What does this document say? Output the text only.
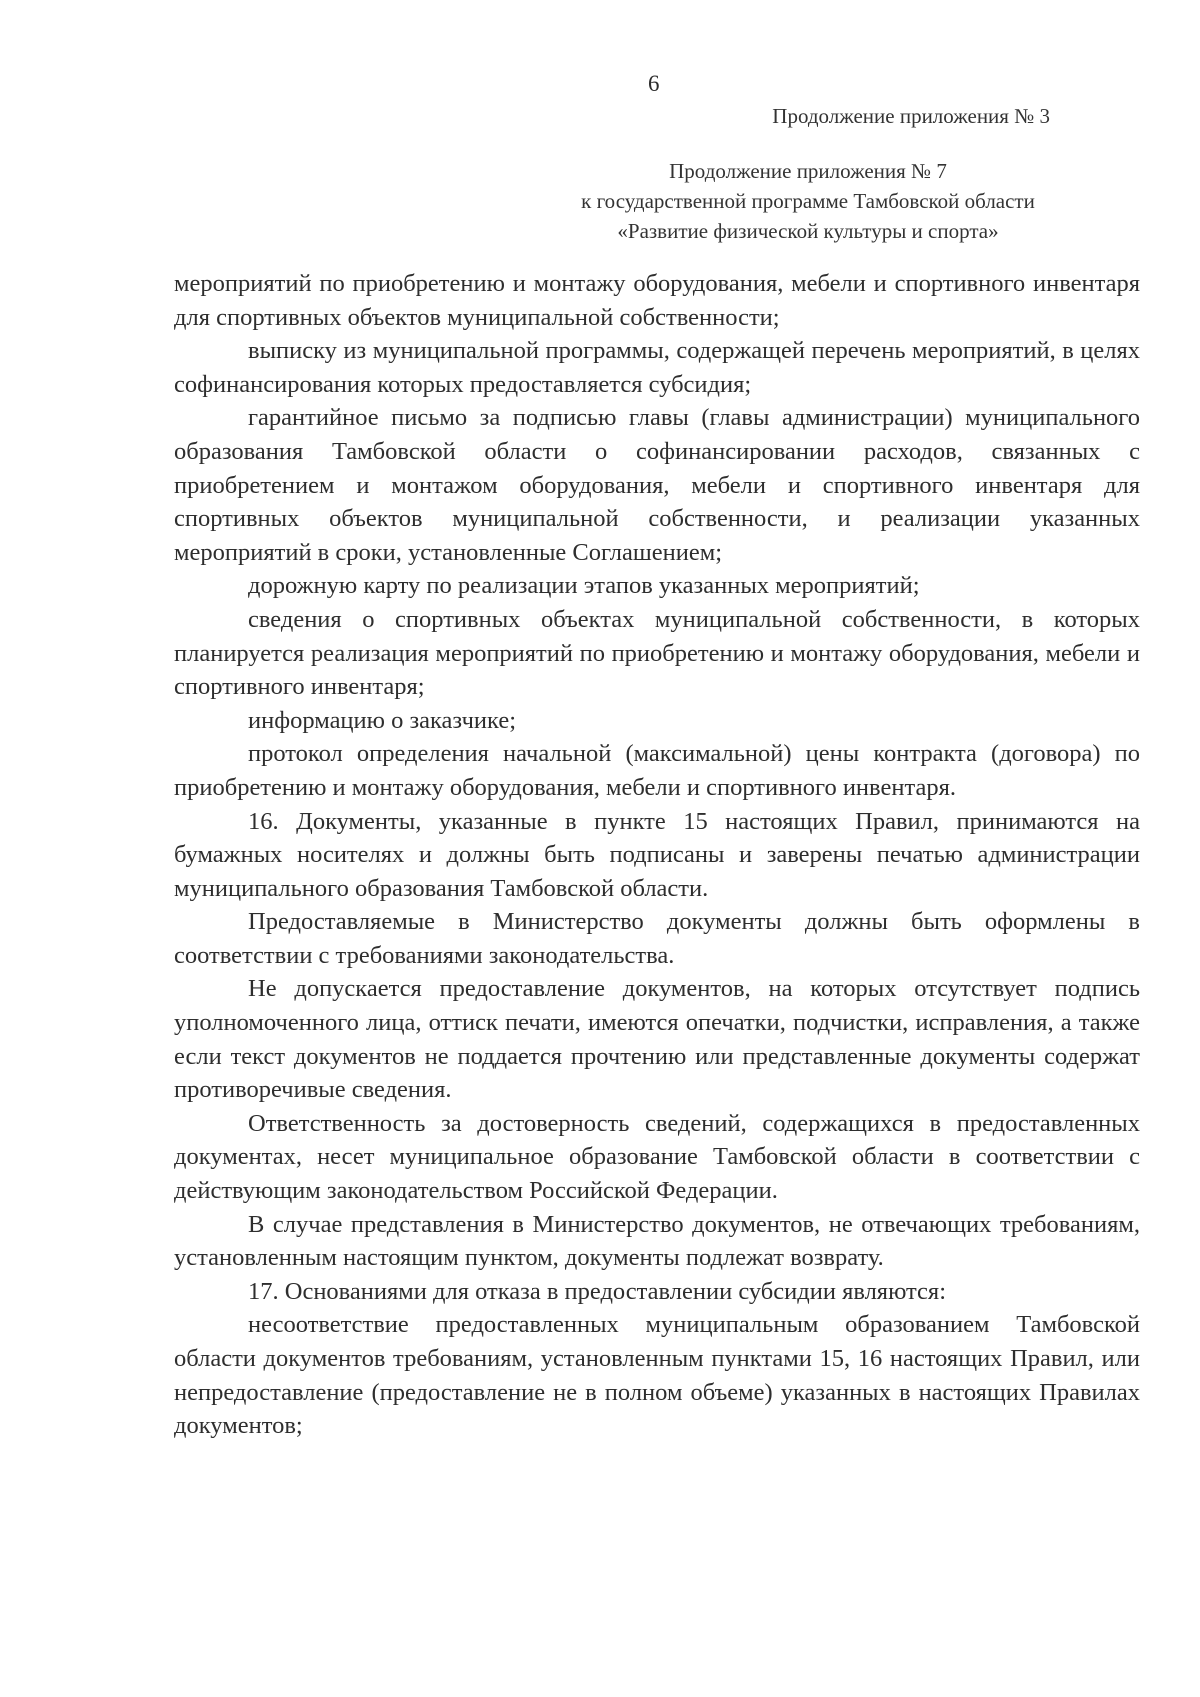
6
Продолжение приложения № 3
Продолжение приложения № 7
к государственной программе Тамбовской области
«Развитие физической культуры и спорта»

мероприятий по приобретению и монтажу оборудования, мебели и спортивного инвентаря для спортивных объектов муниципальной собственности;

выписку из муниципальной программы, содержащей перечень мероприятий, в целях софинансирования которых предоставляется субсидия;

гарантийное письмо за подписью главы (главы администрации) муниципального образования Тамбовской области о софинансировании расходов, связанных с приобретением и монтажом оборудования, мебели и спортивного инвентаря для спортивных объектов муниципальной собственности, и реализации указанных мероприятий в сроки, установленные Соглашением;

дорожную карту по реализации этапов указанных мероприятий;

сведения о спортивных объектах муниципальной собственности, в которых планируется реализация мероприятий по приобретению и монтажу оборудования, мебели и спортивного инвентаря;

информацию о заказчике;

протокол определения начальной (максимальной) цены контракта (договора) по приобретению и монтажу оборудования, мебели и спортивного инвентаря.

16. Документы, указанные в пункте 15 настоящих Правил, принимаются на бумажных носителях и должны быть подписаны и заверены печатью администрации муниципального образования Тамбовской области.

Предоставляемые в Министерство документы должны быть оформлены в соответствии с требованиями законодательства.

Не допускается предоставление документов, на которых отсутствует подпись уполномоченного лица, оттиск печати, имеются опечатки, подчистки, исправления, а также если текст документов не поддается прочтению или представленные документы содержат противоречивые сведения.

Ответственность за достоверность сведений, содержащихся в предоставленных документах, несет муниципальное образование Тамбовской области в соответствии с действующим законодательством Российской Федерации.

В случае представления в Министерство документов, не отвечающих требованиям, установленным настоящим пунктом, документы подлежат возврату.

17. Основаниями для отказа в предоставлении субсидии являются:

несоответствие предоставленных муниципальным образованием Тамбовской области документов требованиям, установленным пунктами 15, 16 настоящих Правил, или непредоставление (предоставление не в полном объеме) указанных в настоящих Правилах документов;
